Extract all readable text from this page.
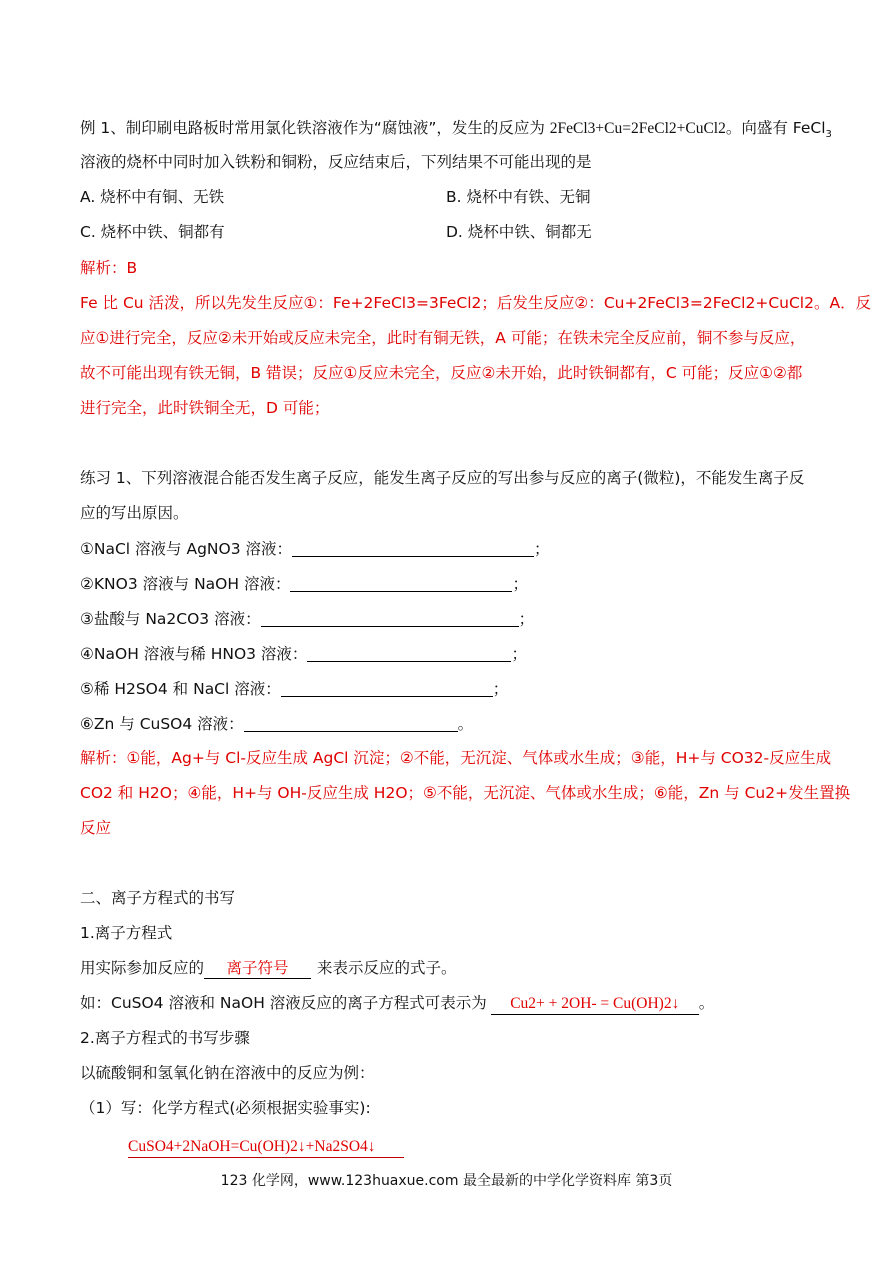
例 1、制印刷电路板时常用氯化铁溶液作为“腐蚀液”，发生的反应为 2FeCl3+Cu=2FeCl2+CuCl2。向盛有 FeCl$_3$
溶液的烧杯中同时加入铁粉和铜粉，反应结束后，下列结果不可能出现的是
A. 烧杯中有铜、无铁	B. 烧杯中有铁、无铜
C. 烧杯中铁、铜都有	D. 烧杯中铁、铜都无
解析：B
Fe 比 Cu 活泼，所以先发生反应①：Fe+2FeCl3=3FeCl2；后发生反应②：Cu+2FeCl3=2FeCl2+CuCl2。A．反
应①进行完全，反应②未开始或反应未完全，此时有铜无铁，A 可能；在铁未完全反应前，铜不参与反应，
故不可能出现有铁无铜，B 错误；反应①反应未完全，反应②未开始，此时铁铜都有，C 可能；反应①②都
进行完全，此时铁铜全无，D 可能；
练习 1、下列溶液混合能否发生离子反应，能发生离子反应的写出参与反应的离子(微粒)，不能发生离子反
应的写出原因。
①NaCl 溶液与 AgNO3 溶液：	；
②KNO3 溶液与 NaOH 溶液：	；
③盐酸与 Na2CO3 溶液：	；
④NaOH 溶液与稀 HNO3 溶液：	；
⑤稀 H2SO4 和 NaCl 溶液：	；
⑥Zn 与 CuSO4 溶液：	。
解析：①能，Ag+与 Cl-反应生成 AgCl 沉淀；②不能，无沉淀、气体或水生成；③能，H+与 CO32-反应生成
CO2 和 H2O；④能，H+与 OH-反应生成 H2O；⑤不能，无沉淀、气体或水生成；⑥能，Zn 与 Cu2+发生置换
反应
二、离子方程式的书写
1.离子方程式
用实际参加反应的 离子符号 来表示反应的式子。
如：CuSO4 溶液和 NaOH 溶液反应的离子方程式可表示为 Cu2+ + 2OH- = Cu(OH)2↓ 。
2.离子方程式的书写步骤
以硫酸铜和氢氧化钠在溶液中的反应为例：
（1）写：化学方程式(必须根据实验事实):
CuSO4+2NaOH=Cu(OH)2↓+Na2SO4↓
123 化学网，www.123huaxue.com 最全最新的中学化学资料库 第3页
